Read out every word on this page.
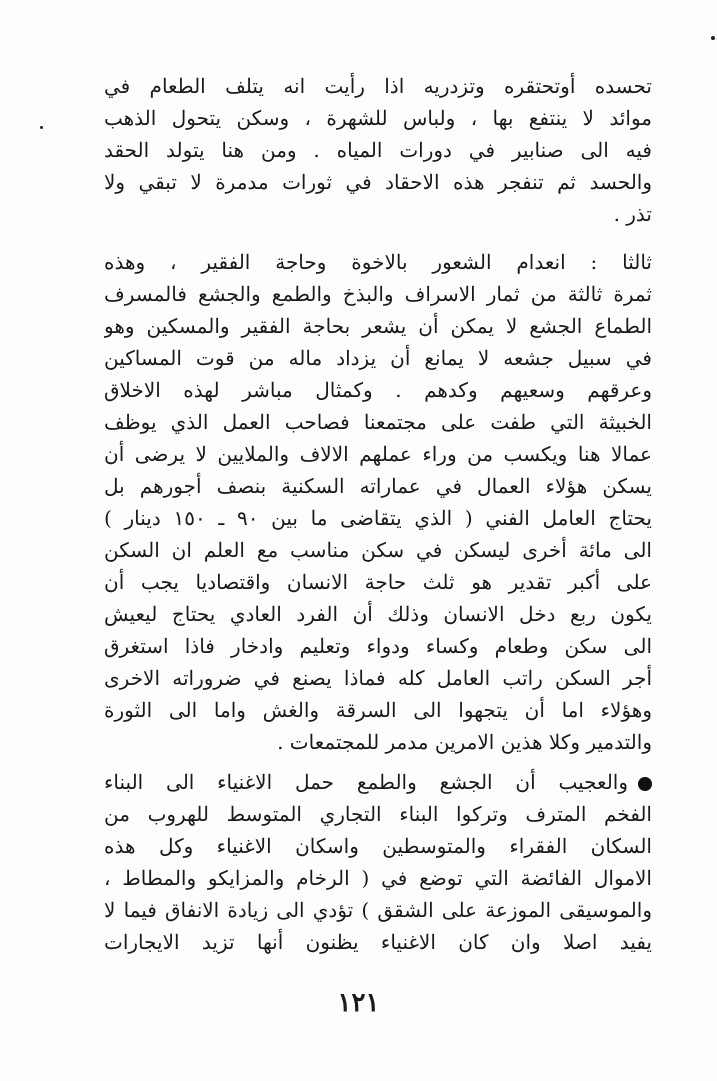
تحسده أوتحتقره وتزدريه اذا رأيت انه يتلف الطعام في
موائد لا ينتفع بها ، ولباس للشهرة ، وسكن يتحول الذهب
فيه الى صنابير في دورات المياه . ومن هنا يتولد الحقد
والحسد ثم تنفجر هذه الاحقاد في ثورات مدمرة لا تبقي ولا
تذر .
ثالثا : انعدام الشعور بالاخوة وحاجة الفقير ، وهذه
ثمرة ثالثة من ثمار الاسراف والبذخ والطمع والجشع فالمسرف
الطماع الجشع لا يمكن أن يشعر بحاجة الفقير والمسكين وهو
في سبيل جشعه لا يمانع أن يزداد ماله من قوت المساكين
وعرقهم وسعيهم وكدهم . وكمثال مباشر لهذه الاخلاق
الخبيثة التي طفت على مجتمعنا فصاحب العمل الذي يوظف
عمالا هنا ويكسب من وراء عملهم الالاف والملايين لا يرضى أن
يسكن هؤلاء العمال في عماراته السكنية بنصف أجورهم بل
يحتاج العامل الفني ( الذي يتقاضى ما بين ٩٠ ـ ١٥٠ دينار )
الى مائة أخرى ليسكن في سكن مناسب مع العلم ان السكن
على أكبر تقدير هو ثلث حاجة الانسان واقتصاديا يجب أن
يكون ربع دخل الانسان وذلك أن الفرد العادي يحتاج ليعيش
الى سكن وطعام وكساء ودواء وتعليم وادخار فاذا استغرق
أجر السكن راتب العامل كله فماذا يصنع في ضروراته الاخرى
وهؤلاء اما أن يتجهوا الى السرقة والغش واما الى الثورة
والتدمير وكلا هذين الامرين مدمر للمجتمعات .
والعجيب أن الجشع والطمع حمل الاغنياء الى البناء
الفخم المترف وتركوا البناء التجاري المتوسط للهروب من
السكان الفقراء والمتوسطين واسكان الاغنياء وكل هذه
الاموال الفائضة التي توضع في ( الرخام والمزايكو والمطاط ،
والموسيقى الموزعة على الشقق ) تؤدي الى زيادة الانفاق فيما لا
يفيد اصلا وان كان الاغنياء يظنون أنها تزيد الايجارات
١٢١
